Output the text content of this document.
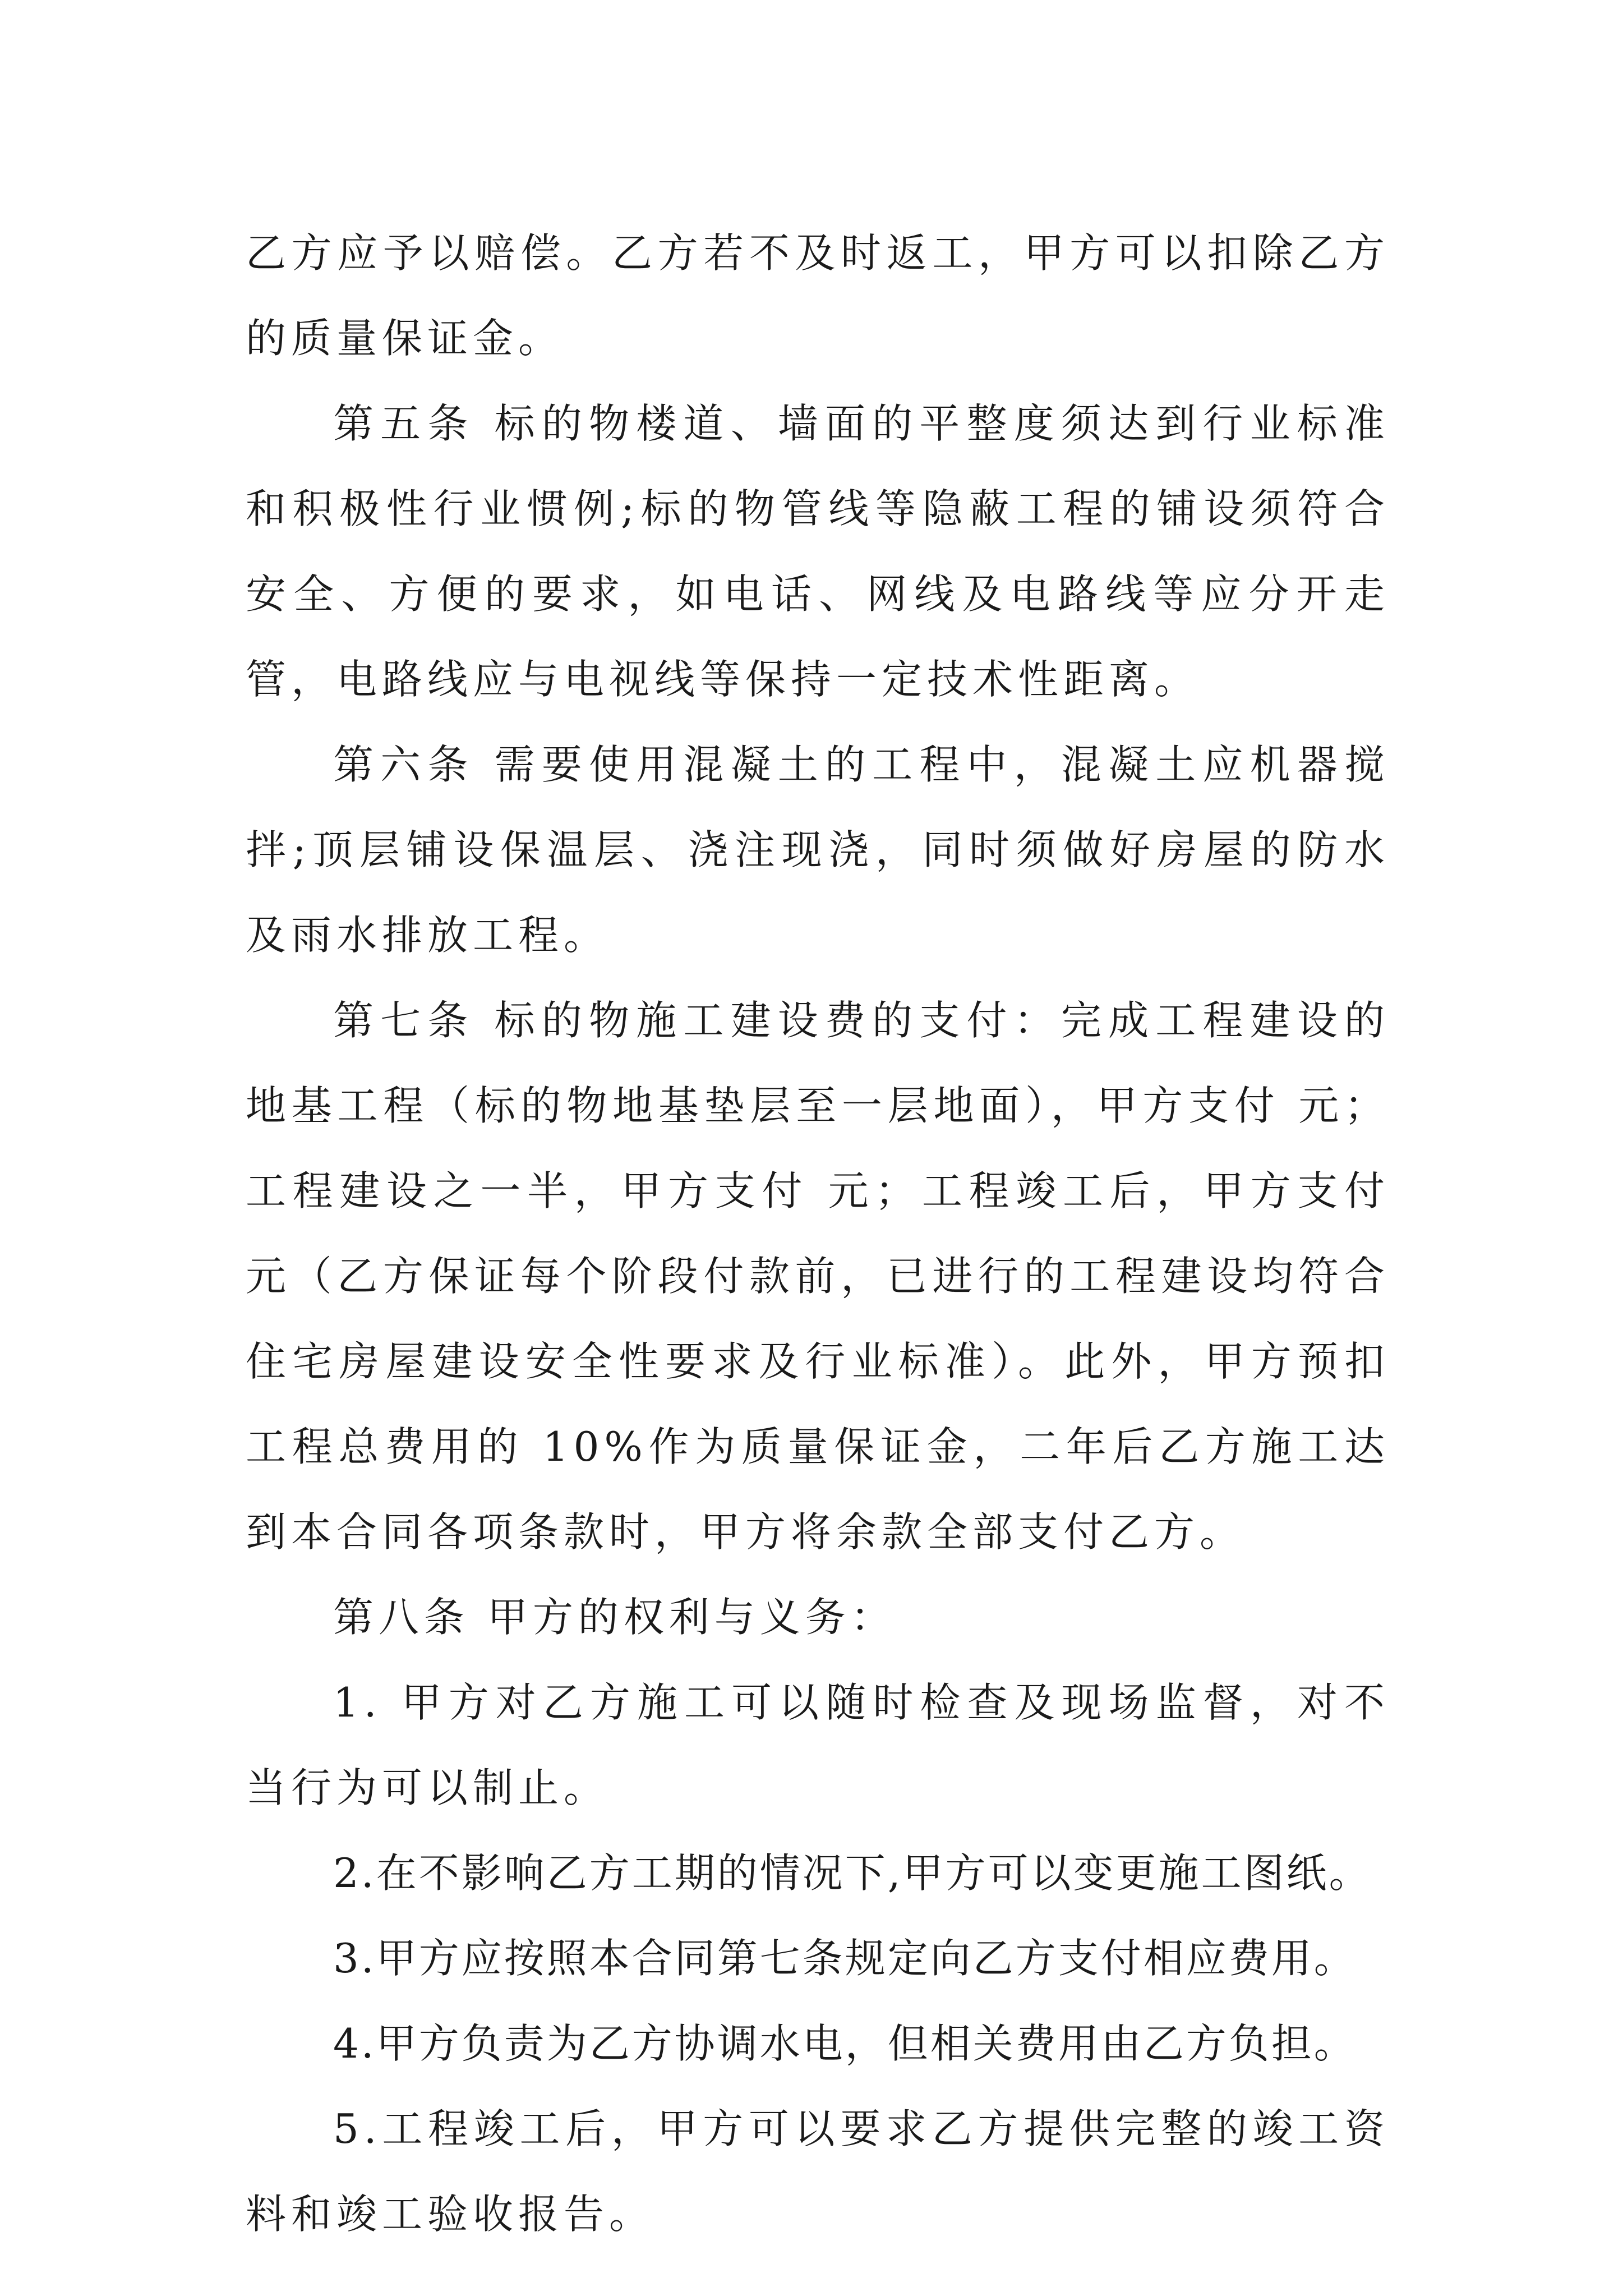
乙方应予以赔偿。乙方若不及时返工，甲方可以扣除乙方的质量保证金。

第五条 标的物楼道、墙面的平整度须达到行业标准和积极性行业惯例;标的物管线等隐蔽工程的铺设须符合安全、方便的要求，如电话、网线及电路线等应分开走管，电路线应与电视线等保持一定技术性距离。

第六条 需要使用混凝土的工程中，混凝土应机器搅拌;顶层铺设保温层、浇注现浇，同时须做好房屋的防水及雨水排放工程。

第七条 标的物施工建设费的支付：完成工程建设的地基工程（标的物地基垫层至一层地面），甲方支付 元；工程建设之一半，甲方支付 元；工程竣工后，甲方支付 元（乙方保证每个阶段付款前，已进行的工程建设均符合住宅房屋建设安全性要求及行业标准）。此外，甲方预扣工程总费用的 10%作为质量保证金，二年后乙方施工达到本合同各项条款时，甲方将余款全部支付乙方。

第八条 甲方的权利与义务：

1. 甲方对乙方施工可以随时检查及现场监督，对不当行为可以制止。

2.在不影响乙方工期的情况下,甲方可以变更施工图纸。

3.甲方应按照本合同第七条规定向乙方支付相应费用。

4.甲方负责为乙方协调水电，但相关费用由乙方负担。

5.工程竣工后，甲方可以要求乙方提供完整的竣工资料和竣工验收报告。
